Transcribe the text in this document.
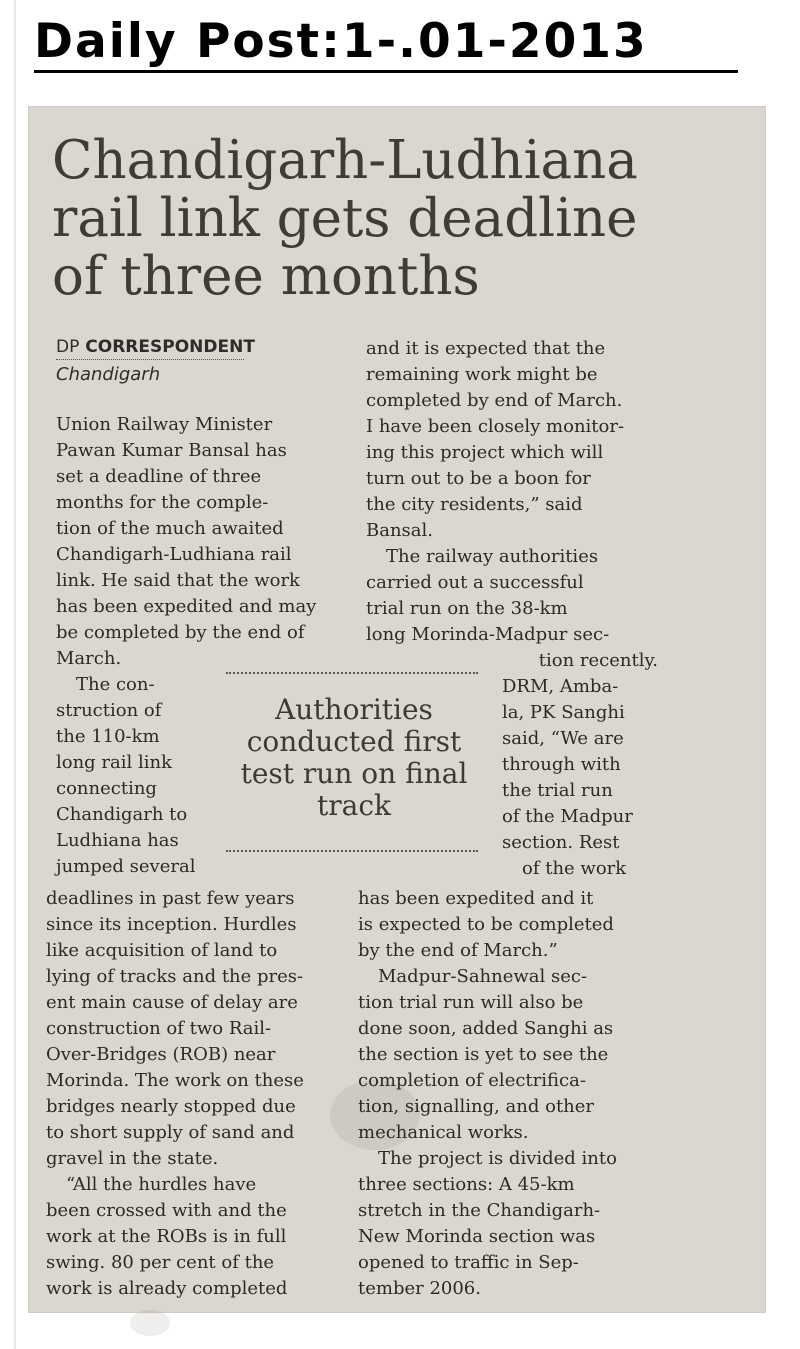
Daily Post:1-.01-2013
Chandigarh-Ludhiana
rail link gets deadline
of three months
DP CORRESPONDENT
Chandigarh
Union Railway Minister
Pawan Kumar Bansal has
set a deadline of three
months for the comple-
tion of the much awaited
Chandigarh-Ludhiana rail
link. He said that the work
has been expedited and may
be completed by the end of
March.
The con-
struction of
the 110-km
long rail link
connecting
Chandigarh to
Ludhiana has
jumped several
deadlines in past few years
since its inception. Hurdles
like acquisition of land to
lying of tracks and the pres-
ent main cause of delay are
construction of two Rail-
Over-Bridges (ROB) near
Morinda. The work on these
bridges nearly stopped due
to short supply of sand and
gravel in the state.
“All the hurdles have
been crossed with and the
work at the ROBs is in full
swing. 80 per cent of the
work is already completed
and it is expected that the
remaining work might be
completed by end of March.
I have been closely monitor-
ing this project which will
turn out to be a boon for
the city residents,” said
Bansal.
The railway authorities
carried out a successful
trial run on the 38-km
long Morinda-Madpur sec-
Authorities
conducted first
test run on final
track
tion recently.
DRM, Amba-
la, PK Sanghi
said, “We are
through with
the trial run
of the Madpur
section. Rest
of the work
has been expedited and it
is expected to be completed
by the end of March.”
Madpur-Sahnewal sec-
tion trial run will also be
done soon, added Sanghi as
the section is yet to see the
completion of electrifica-
tion, signalling, and other
mechanical works.
The project is divided into
three sections: A 45-km
stretch in the Chandigarh-
New Morinda section was
opened to traffic in Sep-
tember 2006.
